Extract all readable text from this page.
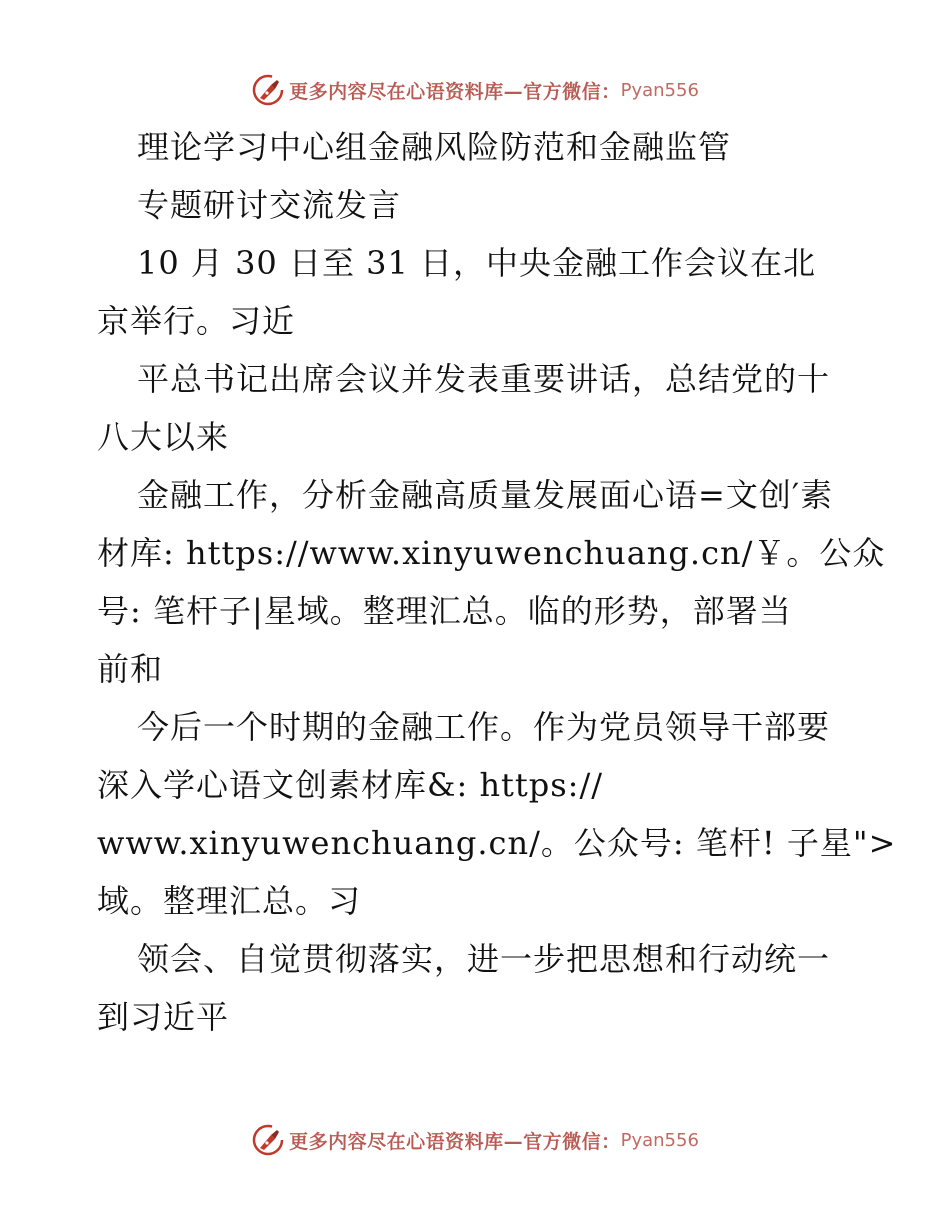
更多内容尽在心语资料库—官方微信： Pyan556
理论学习中心组金融风险防范和金融监管
专题研讨交流发言
10 月 30 日至 31 日，中央金融工作会议在北
京举行。习近
平总书记出席会议并发表重要讲话，总结党的十
八大以来
金融工作，分析金融高质量发展面心语=文创′素
材库: https://www.xinyuwenchuang.cn/￥。公众
号: 笔杆子|星域。整理汇总。临的形势，部署当
前和
今后一个时期的金融工作。作为党员领导干部要
深入学心语文创素材库&: https://
www.xinyuwenchuang.cn/。公众号: 笔杆! 子星">
域。整理汇总。习
领会、自觉贯彻落实，进一步把思想和行动统一
到习近平
更多内容尽在心语资料库—官方微信： Pyan556
